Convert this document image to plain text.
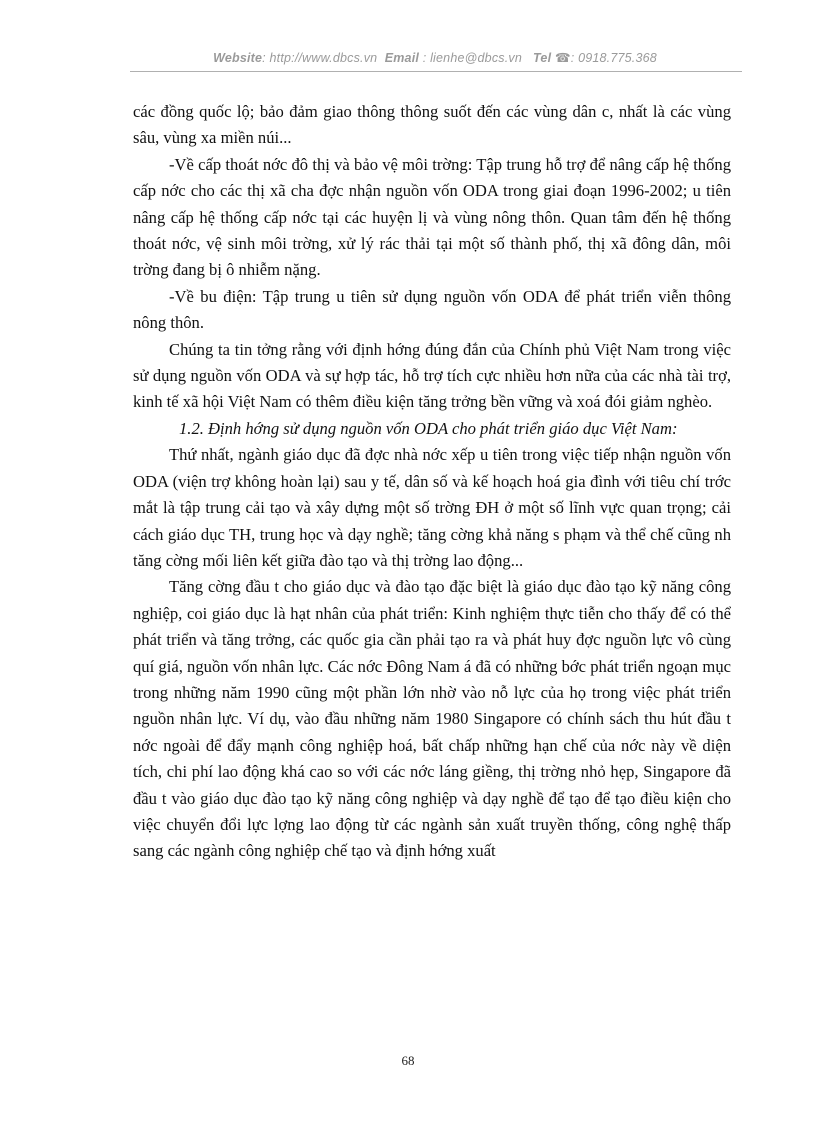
Website: http://www.dbcs.vn Email : lienhe@dbcs.vn Tel ☎: 0918.775.368

các đồng quốc lộ; bảo đảm giao thông thông suốt đến các vùng dân c, nhất là các vùng sâu, vùng xa miền núi...

-Về cấp thoát nớc đô thị và bảo vệ môi trờng: Tập trung hỗ trợ để nâng cấp hệ thống cấp nớc cho các thị xã cha đợc nhận nguồn vốn ODA trong giai đoạn 1996-2002; u tiên nâng cấp hệ thống cấp nớc tại các huyện lị và vùng nông thôn. Quan tâm đến hệ thống thoát nớc, vệ sinh môi trờng, xử lý rác thải tại một số thành phố, thị xã đông dân, môi trờng đang bị ô nhiễm nặng.

-Về bu điện: Tập trung u tiên sử dụng nguồn vốn ODA để phát triển viễn thông nông thôn.

Chúng ta tin tởng rằng với định hớng đúng đắn của Chính phủ Việt Nam trong việc sử dụng nguồn vốn ODA và sự hợp tác, hỗ trợ tích cực nhiều hơn nữa của các nhà tài trợ, kinh tế xã hội Việt Nam có thêm điều kiện tăng trởng bền vững và xoá đói giảm nghèo.

1.2. Định hớng sử dụng nguồn vốn ODA cho phát triển giáo dục Việt Nam:

Thứ nhất, ngành giáo dục đã đợc nhà nớc xếp u tiên trong việc tiếp nhận nguồn vốn ODA (viện trợ không hoàn lại) sau y tế, dân số và kế hoạch hoá gia đình với tiêu chí trớc mắt là tập trung cải tạo và xây dựng một số trờng ĐH ở một số lĩnh vực quan trọng; cải cách giáo dục TH, trung học và dạy nghề; tăng cờng khả năng s phạm và thể chế cũng nh tăng cờng mối liên kết giữa đào tạo và thị trờng lao động...

Tăng cờng đầu t cho giáo dục và đào tạo đặc biệt là giáo dục đào tạo kỹ năng công nghiệp, coi giáo dục là hạt nhân của phát triển: Kinh nghiệm thực tiễn cho thấy để có thể phát triển và tăng trởng, các quốc gia cần phải tạo ra và phát huy đợc nguồn lực vô cùng quí giá, nguồn vốn nhân lực. Các nớc Đông Nam á đã có những bớc phát triển ngoạn mục trong những năm 1990 cũng một phần lớn nhờ vào nỗ lực của họ trong việc phát triển nguồn nhân lực. Ví dụ, vào đầu những năm 1980 Singapore có chính sách thu hút đầu t nớc ngoài để đẩy mạnh công nghiệp hoá, bất chấp những hạn chế của nớc này về diện tích, chi phí lao động khá cao so với các nớc láng giềng, thị trờng nhỏ hẹp, Singapore đã đầu t vào giáo dục đào tạo kỹ năng công nghiệp và dạy nghề để tạo để tạo điều kiện cho việc chuyển đổi lực lợng lao động từ các ngành sản xuất truyền thống, công nghệ thấp sang các ngành công nghiệp chế tạo và định hớng xuất

68
